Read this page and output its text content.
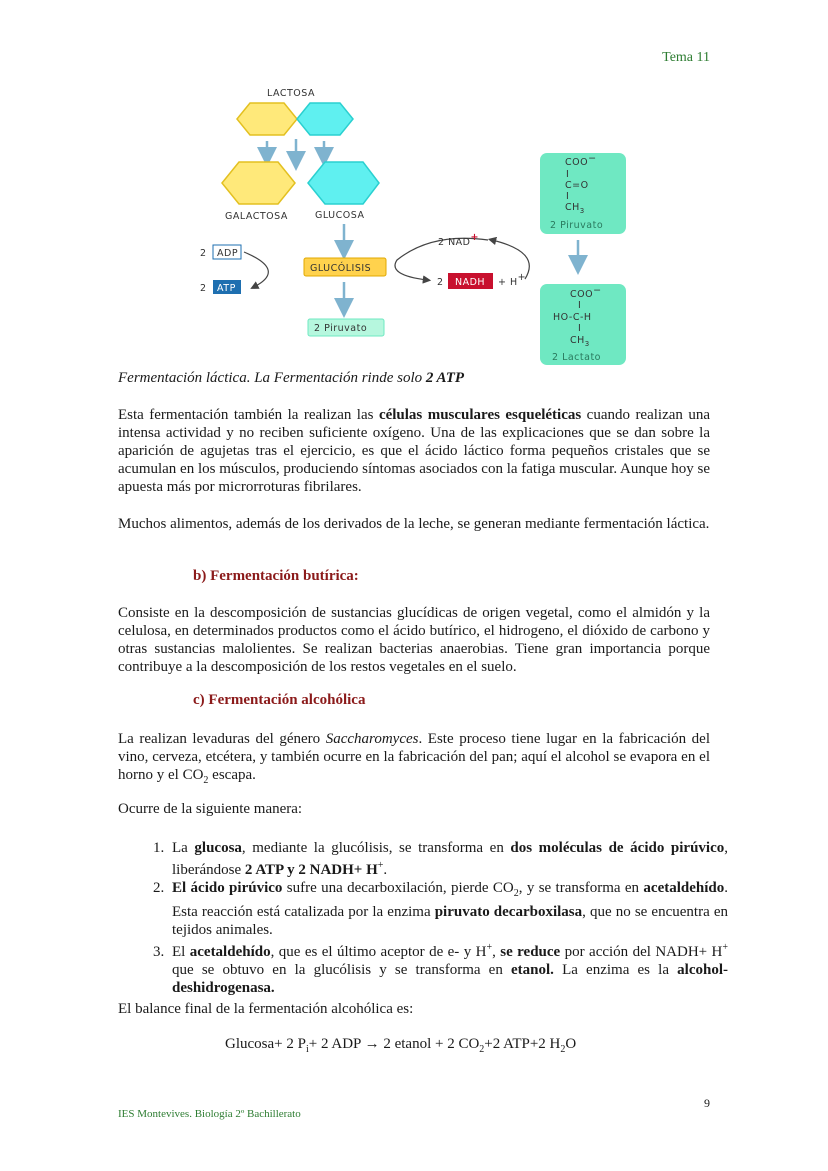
Tema 11
LACTOSA
GALACTOSA	GLUCOSA
2 ADP
2 ATP
GLUCÓLISIS
2 Piruvato
2 NAD+
2 NADH + H+
COO−
I
C=O
I
$CH_3$
2 Piruvato
COO−
I
HO-C-H
I
$CH_3$
2 Lactato
Fermentación láctica. La Fermentación rinde solo 2 ATP

Esta fermentación también la realizan las células musculares esqueléticas cuando realizan una intensa actividad y no reciben suficiente oxígeno. Una de las explicaciones que se dan sobre la aparición de agujetas tras el ejercicio, es que el ácido láctico forma pequeños cristales que se acumulan en los músculos, produciendo síntomas asociados con la fatiga muscular. Aunque hoy se apuesta más por microrroturas fibrilares.

Muchos alimentos, además de los derivados de la leche, se generan mediante fermentación láctica.

b) Fermentación butírica:

Consiste en la descomposición de sustancias glucídicas de origen vegetal, como el almidón y la celulosa, en determinados productos como el ácido butírico, el hidrogeno, el dióxido de carbono y otras sustancias malolientes. Se realizan bacterias anaerobias. Tiene gran importancia porque contribuye a la descomposición de los restos vegetales en el suelo.

c) Fermentación alcohólica

La realizan levaduras del género Saccharomyces. Este proceso tiene lugar en la fabricación del vino, cerveza, etcétera, y también ocurre en la fabricación del pan; aquí el alcohol se evapora en el horno y el $CO_2$ escapa.

Ocurre de la siguiente manera:

1. La glucosa, mediante la glucólisis, se transforma en dos moléculas de ácido pirúvico, liberándose 2 ATP y 2 NADH+ H+.
2. El ácido pirúvico sufre una decarboxilación, pierde $CO_2$, y se transforma en acetaldehído. Esta reacción está catalizada por la enzima piruvato decarboxilasa, que no se encuentra en tejidos animales.
3. El acetaldehído, que es el último aceptor de e- y H+, se reduce por acción del NADH+ H+ que se obtuvo en la glucólisis y se transforma en etanol. La enzima es la alcohol-deshidrogenasa.

El balance final de la fermentación alcohólica es:

Glucosa+ 2 $P_i+ 2$ ADP → 2 etanol + 2 $CO_2+2$ ATP+2 $H_2O$
9
IES Montevives. Biología 2º Bachillerato
